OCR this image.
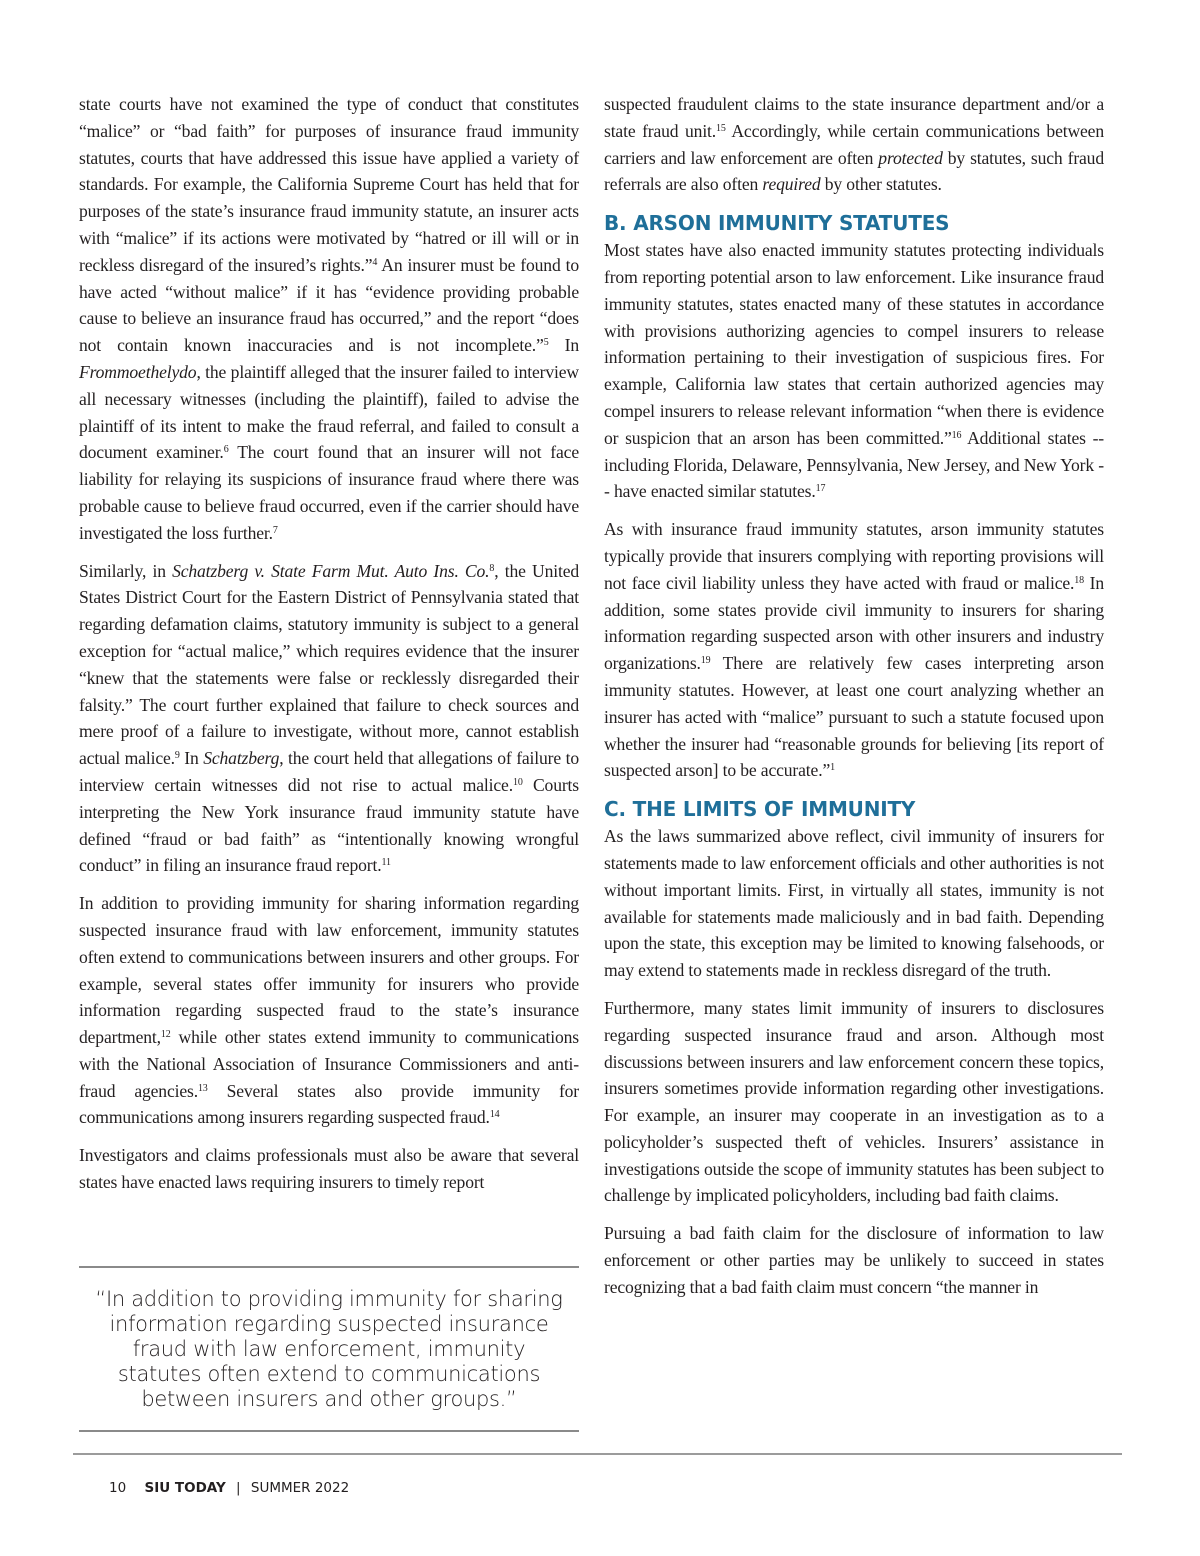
state courts have not examined the type of conduct that constitutes “malice” or “bad faith” for purposes of insurance fraud immunity statutes, courts that have addressed this issue have applied a variety of standards. For example, the California Supreme Court has held that for purposes of the state’s insurance fraud immunity statute, an insurer acts with “malice” if its actions were motivated by “hatred or ill will or in reckless disregard of the insured’s rights.”$^4$ An insurer must be found to have acted “without malice” if it has “evidence providing probable cause to believe an insurance fraud has occurred,” and the report “does not contain known inaccuracies and is not incomplete.”$^5$ In Frommoethelydo, the plaintiff alleged that the insurer failed to interview all necessary witnesses (including the plaintiff), failed to advise the plaintiff of its intent to make the fraud referral, and failed to consult a document examiner.$^6$ The court found that an insurer will not face liability for relaying its suspicions of insurance fraud where there was probable cause to believe fraud occurred, even if the carrier should have investigated the loss further.$^7$

Similarly, in Schatzberg v. State Farm Mut. Auto Ins. Co.$^8$, the United States District Court for the Eastern District of Pennsylvania stated that regarding defamation claims, statutory immunity is subject to a general exception for “actual malice,” which requires evidence that the insurer “knew that the statements were false or recklessly disregarded their falsity.” The court further explained that failure to check sources and mere proof of a failure to investigate, without more, cannot establish actual malice.$^9$ In Schatzberg, the court held that allegations of failure to interview certain witnesses did not rise to actual malice.$^{10}$ Courts interpreting the New York insurance fraud immunity statute have defined “fraud or bad faith” as “intentionally knowing wrongful conduct” in filing an insurance fraud report.$^{11}$

In addition to providing immunity for sharing information regarding suspected insurance fraud with law enforcement, immunity statutes often extend to communications between insurers and other groups. For example, several states offer immunity for insurers who provide information regarding suspected fraud to the state’s insurance department,$^{12}$ while other states extend immunity to communications with the National Association of Insurance Commissioners and anti-fraud agencies.$^{13}$ Several states also provide immunity for communications among insurers regarding suspected fraud.$^{14}$

Investigators and claims professionals must also be aware that several states have enacted laws requiring insurers to timely report

suspected fraudulent claims to the state insurance department and/or a state fraud unit.$^{15}$ Accordingly, while certain communications between carriers and law enforcement are often protected by statutes, such fraud referrals are also often required by other statutes.

B. ARSON IMMUNITY STATUTES

Most states have also enacted immunity statutes protecting individuals from reporting potential arson to law enforcement. Like insurance fraud immunity statutes, states enacted many of these statutes in accordance with provisions authorizing agencies to compel insurers to release information pertaining to their investigation of suspicious fires. For example, California law states that certain authorized agencies may compel insurers to release relevant information “when there is evidence or suspicion that an arson has been committed.”$^{16}$ Additional states -- including Florida, Delaware, Pennsylvania, New Jersey, and New York -- have enacted similar statutes.$^{17}$

As with insurance fraud immunity statutes, arson immunity statutes typically provide that insurers complying with reporting provisions will not face civil liability unless they have acted with fraud or malice.$^{18}$ In addition, some states provide civil immunity to insurers for sharing information regarding suspected arson with other insurers and industry organizations.$^{19}$ There are relatively few cases interpreting arson immunity statutes. However, at least one court analyzing whether an insurer has acted with “malice” pursuant to such a statute focused upon whether the insurer had “reasonable grounds for believing [its report of suspected arson] to be accurate.”$^1$

C. THE LIMITS OF IMMUNITY

As the laws summarized above reflect, civil immunity of insurers for statements made to law enforcement officials and other authorities is not without important limits. First, in virtually all states, immunity is not available for statements made maliciously and in bad faith. Depending upon the state, this exception may be limited to knowing falsehoods, or may extend to statements made in reckless disregard of the truth.

Furthermore, many states limit immunity of insurers to disclosures regarding suspected insurance fraud and arson. Although most discussions between insurers and law enforcement concern these topics, insurers sometimes provide information regarding other investigations. For example, an insurer may cooperate in an investigation as to a policyholder’s suspected theft of vehicles. Insurers’ assistance in investigations outside the scope of immunity statutes has been subject to challenge by implicated policyholders, including bad faith claims.

Pursuing a bad faith claim for the disclosure of information to law enforcement or other parties may be unlikely to succeed in states recognizing that a bad faith claim must concern “the manner in

“In addition to providing immunity for sharing information regarding suspected insurance fraud with law enforcement, immunity statutes often extend to communications between insurers and other groups.”
10 SIU TODAY | SUMMER 2022
